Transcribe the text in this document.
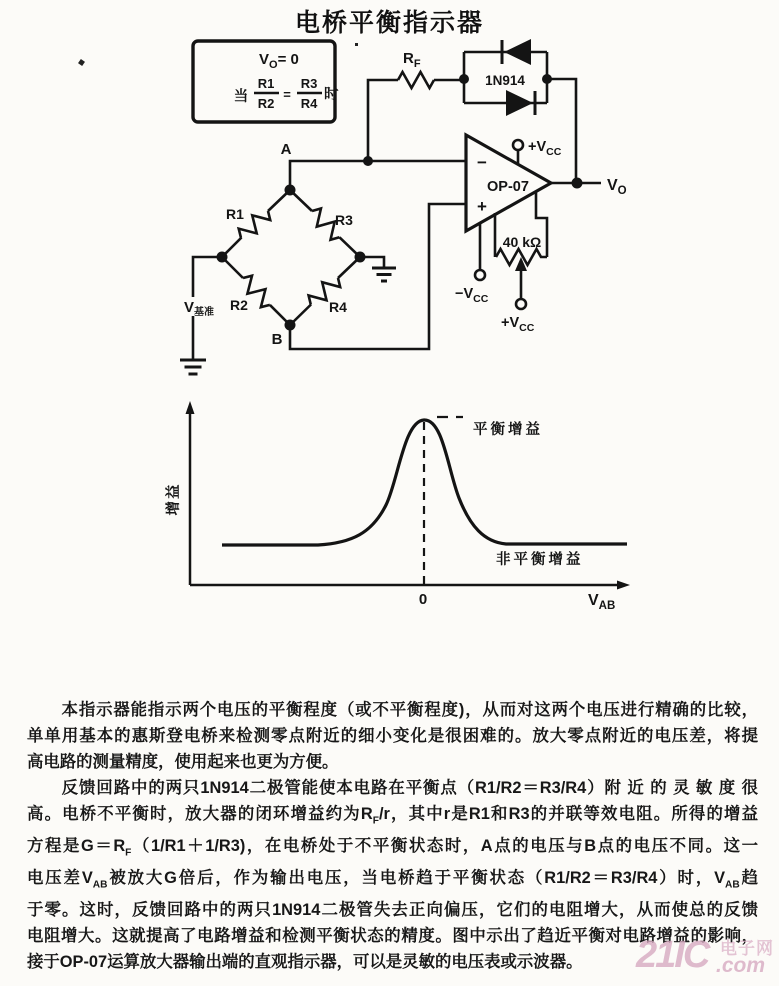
电桥平衡指示器
$V_O= 0$
当
R1
R2
=
R3
R4
时
$R_F$
1N914
−
+
OP-07
$+V_{CC}$
$-V_{CC}$
$+V_{CC}$
40 kΩ
$V_O$
$V_{基准}$
A
B
R1	R3
R2	R4
增益
平衡增益
非平衡增益
0	$V_{AB}$
　　本指示器能指示两个电压的平衡程度（或不平衡程度)，从而对这两个电压进行精确的比较，
单单用基本的惠斯登电桥来检测零点附近的细小变化是很困难的。放大零点附近的电压差，将提
高电路的测量精度，使用起来也更为方便。
　　反馈回路中的两只1N914二极管能使本电路在平衡点（R1/R2＝R3/R4）附 近 的 灵 敏 度 很
高。电桥不平衡时，放大器的闭环增益约为$R_F/r$，其中r是R1和R3的并联等效电阻。所得的增益
方程是$G=R_F(1/R1+1/R3)$，在电桥处于不平衡状态时，A点的电压与B点的电压不同。这一
电压差$V_{AB}$被放大G倍后，作为输出电压，当电桥趋于平衡状态（R1/R2＝R3/R4）时，$V_{AB}$趋
于零。这时，反馈回路中的两只1N914二极管失去正向偏压，它们的电阻增大，从而使总的反馈
电阻增大。这就提高了电路增益和检测平衡状态的精度。图中示出了趋近平衡对电路增益的影响，
接于OP-07运算放大器输出端的直观指示器，可以是灵敏的电压表或示波器。	21IC 电子网
.com
